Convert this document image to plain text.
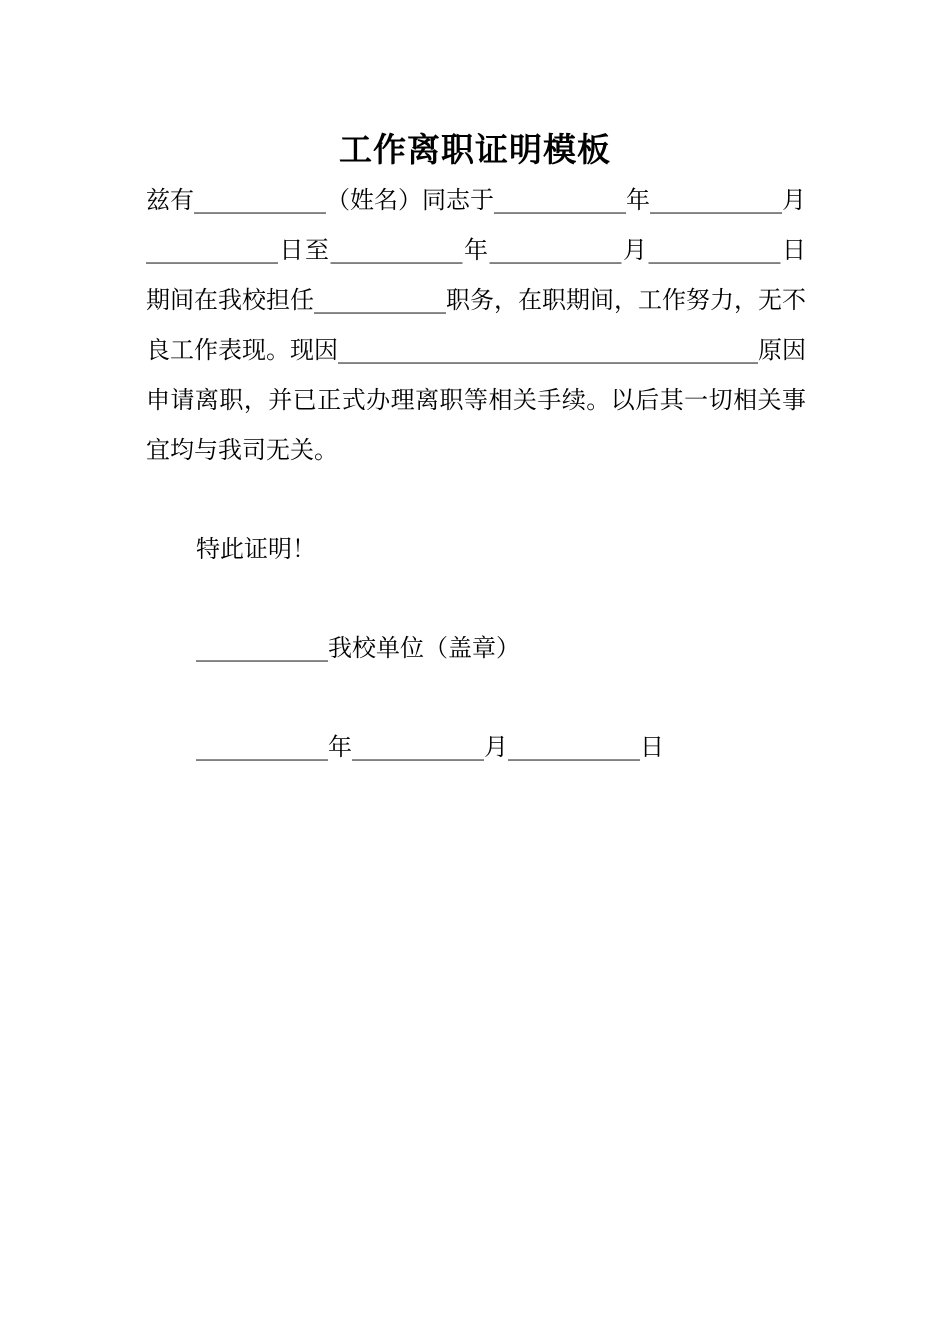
工作离职证明模板
兹有___________（姓名）同志于___________年___________月___________日至___________年___________月___________日期间在我校担任___________职务，在职期间，工作努力，无不良工作表现。现因___________________________________原因申请离职，并已正式办理离职等相关手续。以后其一切相关事宜均与我司无关。
特此证明！
___________我校单位（盖章）
___________年___________月___________日
